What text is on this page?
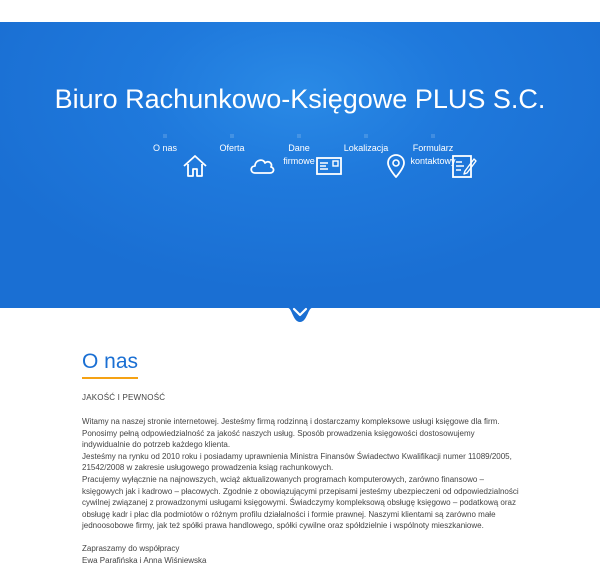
Biuro Rachunkowo-Księgowe PLUS S.C.
O nas	Oferta	Dane
firmowe
Lokalizacja	Formularz
kontaktowy
O nas
JAKOŚĆ I PEWNOŚĆ

Witamy na naszej stronie internetowej. Jesteśmy firmą rodzinną i dostarczamy kompleksowe usługi księgowe dla firm.

Ponosimy pełną odpowiedzialność za jakość naszych usług. Sposób prowadzenia księgowości dostosowujemy indywidualnie do potrzeb każdego klienta.

Jesteśmy na rynku od 2010 roku i posiadamy uprawnienia Ministra Finansów Świadectwo Kwalifikacji numer 11089/2005, 21542/2008 w zakresie usługowego prowadzenia ksiąg rachunkowych.

Pracujemy wyłącznie na najnowszych, wciąż aktualizowanych programach komputerowych, zarówno finansowo – księgowych jak i kadrowo – płacowych. Zgodnie z obowiązującymi przepisami jesteśmy ubezpieczeni od odpowiedzialności cywilnej związanej z prowadzonymi usługami księgowymi. Świadczymy kompleksową obsługę księgowo – podatkową oraz obsługę kadr i płac dla podmiotów o różnym profilu działalności i formie prawnej. Naszymi klientami są zarówno małe jednoosobowe firmy, jak też spółki prawa handlowego, spółki cywilne oraz spółdzielnie i wspólnoty mieszkaniowe.

Zapraszamy do współpracy

Ewa Parafińska i Anna Wiśniewska
